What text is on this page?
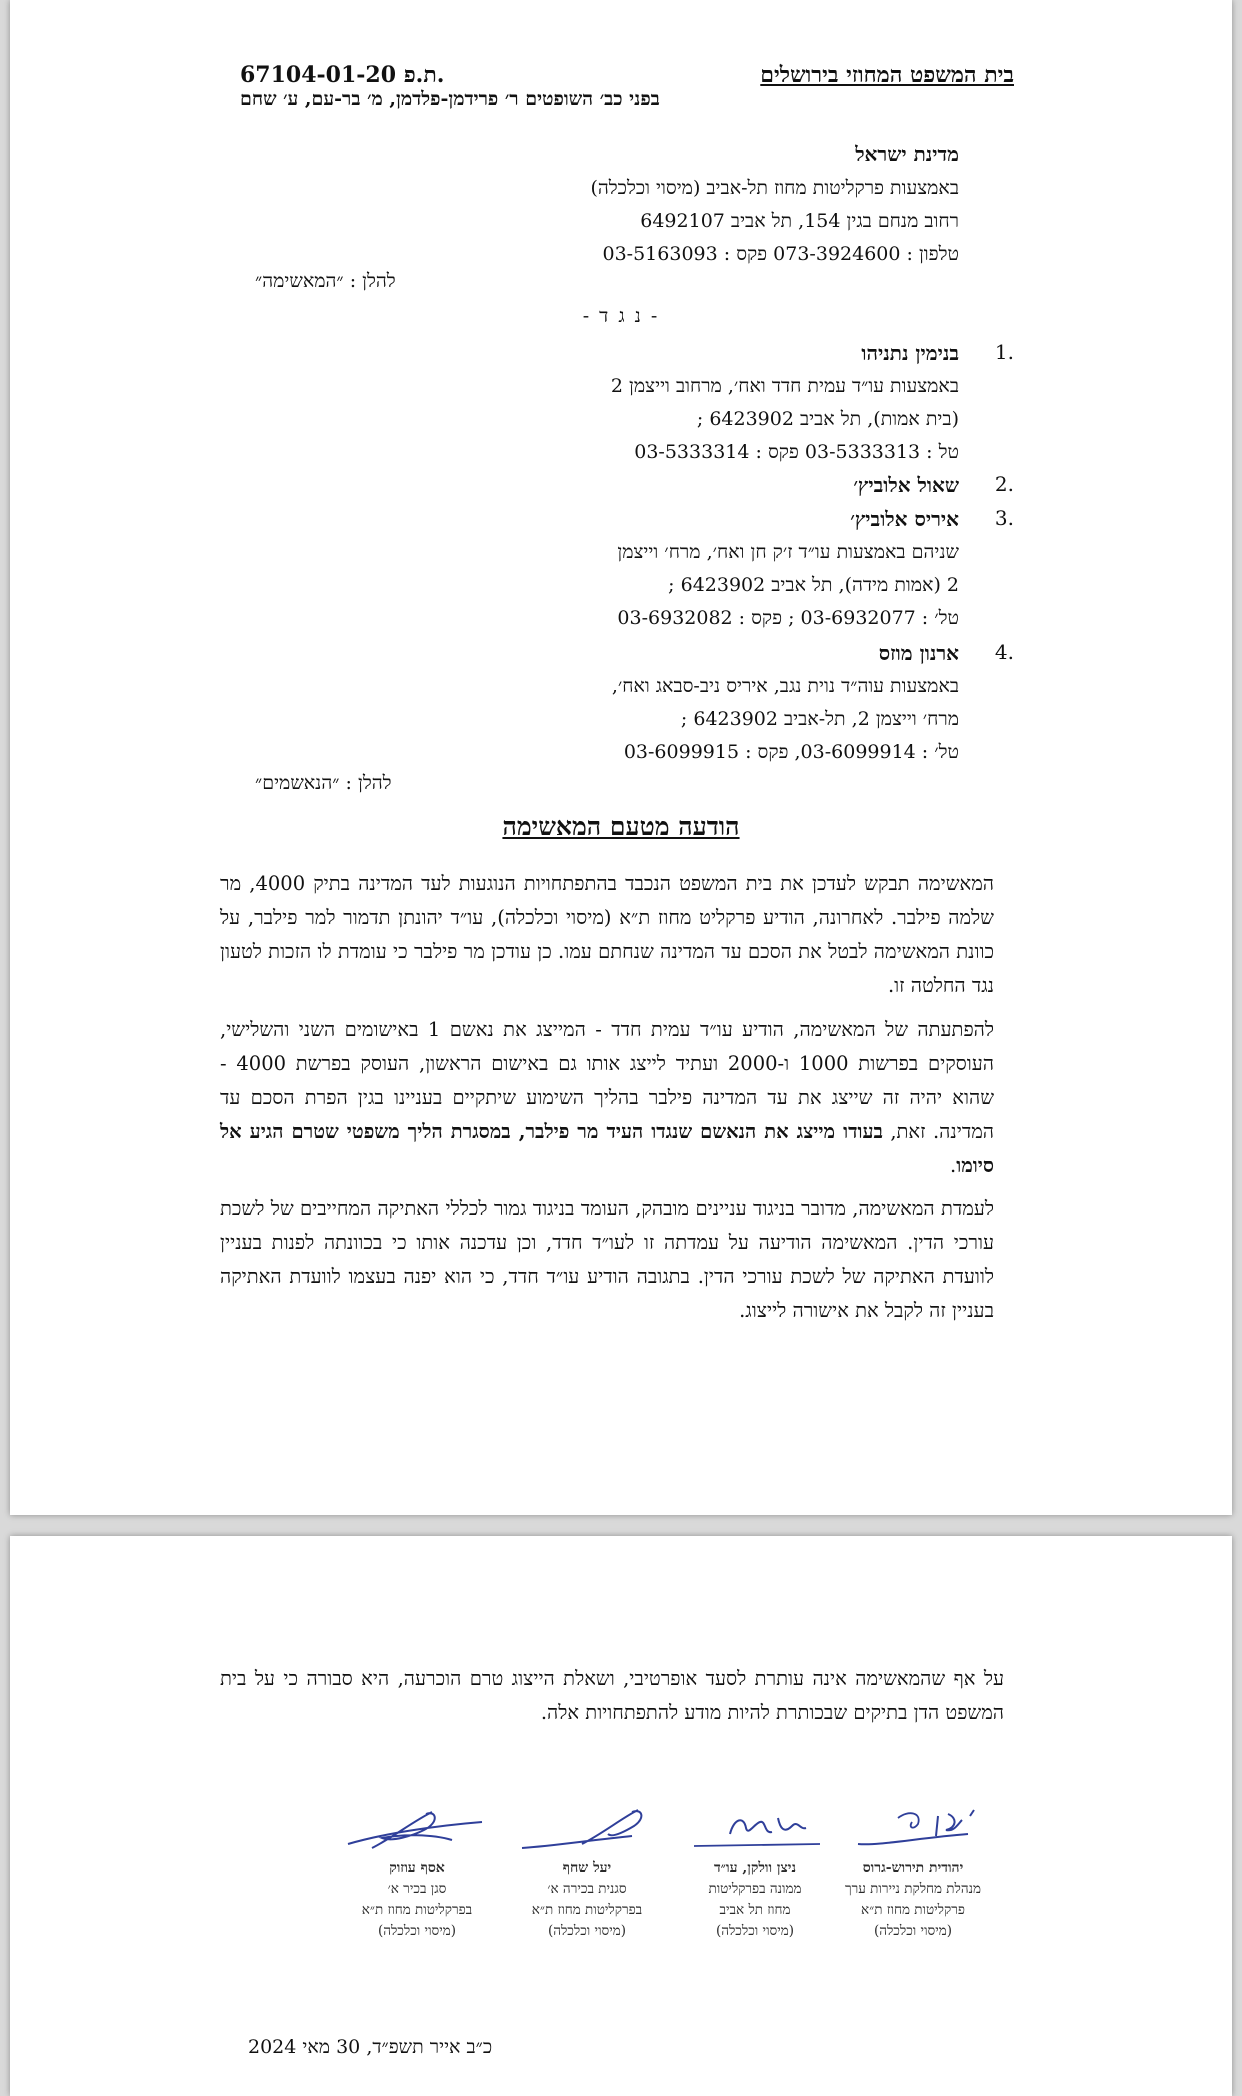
בית המשפט המחוזי בירושלים
67104-01-20 ת.פ.
בפני כב׳ השופטים ר׳ פרידמן-פלדמן, מ׳ בר-עם, ע׳ שחם
מדינת ישראל
באמצעות פרקליטות מחוז תל-אביב (מיסוי וכלכלה)
רחוב מנחם בגין 154, תל אביב 6492107
טלפון : 073-3924600 פקס : 03-5163093
להלן : ״המאשימה״
- נ ג ד -
1.
בנימין נתניהו
באמצעות עו״ד עמית חדד ואח׳, מרחוב וייצמן 2
(בית אמות), תל אביב 6423902 ;
טל : 03-5333313 פקס : 03-5333314
2.
שאול אלוביץ׳
3.
איריס אלוביץ׳
שניהם באמצעות עו״ד ז׳ק חן ואח׳, מרח׳ וייצמן
2 (אמות מידה), תל אביב 6423902 ;
טל׳ : 03-6932077 ; פקס : 03-6932082
4.
ארנון מוזס
באמצעות עוה״ד נוית נגב, איריס ניב-סבאג ואח׳,
מרח׳ וייצמן 2, תל-אביב 6423902 ;
טל׳ : 03-6099914, פקס : 03-6099915
להלן : ״הנאשמים״
הודעה מטעם המאשימה
המאשימה תבקש לעדכן את בית המשפט הנכבד בהתפתחויות הנוגעות לעד המדינה בתיק 4000, מר שלמה פילבר. לאחרונה, הודיע פרקליט מחוז ת״א (מיסוי וכלכלה), עו״ד יהונתן תדמור למר פילבר, על כוונת המאשימה לבטל את הסכם עד המדינה שנחתם עמו. כן עודכן מר פילבר כי עומדת לו הזכות לטעון נגד החלטה זו.
להפתעתה של המאשימה, הודיע עו״ד עמית חדד - המייצג את נאשם 1 באישומים השני והשלישי, העוסקים בפרשות 1000 ו-2000 ועתיד לייצג אותו גם באישום הראשון, העוסק בפרשת 4000 - שהוא יהיה זה שייצג את עד המדינה פילבר בהליך השימוע שיתקיים בעניינו בגין הפרת הסכם עד המדינה. זאת, בעודו מייצג את הנאשם שנגדו העיד מר פילבר, במסגרת הליך משפטי שטרם הגיע אל סיומו.
לעמדת המאשימה, מדובר בניגוד עניינים מובהק, העומד בניגוד גמור לכללי האתיקה המחייבים של לשכת עורכי הדין. המאשימה הודיעה על עמדתה זו לעו״ד חדד, וכן עדכנה אותו כי בכוונתה לפנות בעניין לוועדת האתיקה של לשכת עורכי הדין. בתגובה הודיע עו״ד חדד, כי הוא יפנה בעצמו לוועדת האתיקה בעניין זה לקבל את אישורה לייצוג.
על אף שהמאשימה אינה עותרת לסעד אופרטיבי, ושאלת הייצוג טרם הוכרעה, היא סבורה כי על בית המשפט הדן בתיקים שבכותרת להיות מודע להתפתחויות אלה.
יהודית תירוש-גרוס
מנהלת מחלקת ניירות ערך
פרקליטות מחוז ת״א
(מיסוי וכלכלה)
ניצן וולקן, עו״ד
ממונה בפרקליטות
מחוז תל אביב
(מיסוי וכלכלה)
יעל שחף
סגנית בכירה א׳
בפרקליטות מחוז ת״א
(מיסוי וכלכלה)
אסף עוזוק
סגן בכיר א׳
בפרקליטות מחוז ת״א
(מיסוי וכלכלה)
כ״ב אייר תשפ״ד, 30 מאי 2024
